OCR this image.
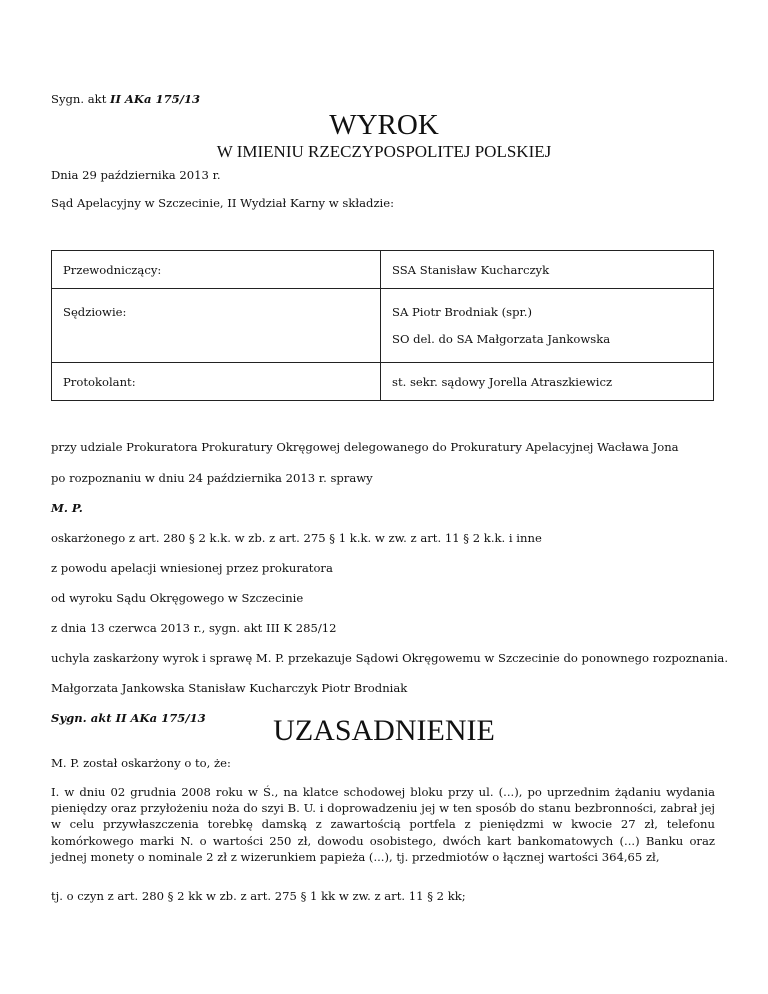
Sygn. akt II AKa 175/13
WYROK
W IMIENIU RZECZYPOSPOLITEJ POLSKIEJ
Dnia 29 października 2013 r.
Sąd Apelacyjny w Szczecinie, II Wydział Karny w składzie:
Przewodniczący:	SSA Stanisław Kucharczyk
Sędziowie:	SA Piotr Brodniak (spr.)
SO del. do SA Małgorzata Jankowska
Protokolant:	st. sekr. sądowy Jorella Atraszkiewicz
przy udziale Prokuratora Prokuratury Okręgowej delegowanego do Prokuratury Apelacyjnej Wacława Jona
po rozpoznaniu w dniu 24 października 2013 r. sprawy
M. P.
oskarżonego z art. 280 § 2 k.k. w zb. z art. 275 § 1 k.k. w zw. z art. 11 § 2 k.k. i inne
z powodu apelacji wniesionej przez prokuratora
od wyroku Sądu Okręgowego w Szczecinie
z dnia 13 czerwca 2013 r., sygn. akt III K 285/12
uchyla zaskarżony wyrok i sprawę M. P. przekazuje Sądowi Okręgowemu w Szczecinie do ponownego rozpoznania.
Małgorzata Jankowska Stanisław Kucharczyk Piotr Brodniak
Sygn. akt II AKa 175/13	UZASADNIENIE
M. P. został oskarżony o to, że:
I. w dniu 02 grudnia 2008 roku w Ś., na klatce schodowej bloku przy ul. (...), po uprzednim żądaniu wydania pieniędzy oraz przyłożeniu noża do szyi B. U. i doprowadzeniu jej w ten sposób do stanu bezbronności, zabrał jej w celu przywłaszczenia torebkę damską z zawartością portfela z pieniędzmi w kwocie 27 zł, telefonu komórkowego marki N. o wartości 250 zł, dowodu osobistego, dwóch kart bankomatowych (...) Banku oraz jednej monety o nominale 2 zł z wizerunkiem papieża (...), tj. przedmiotów o łącznej wartości 364,65 zł,
tj. o czyn z art. 280 § 2 kk w zb. z art. 275 § 1 kk w zw. z art. 11 § 2 kk;
